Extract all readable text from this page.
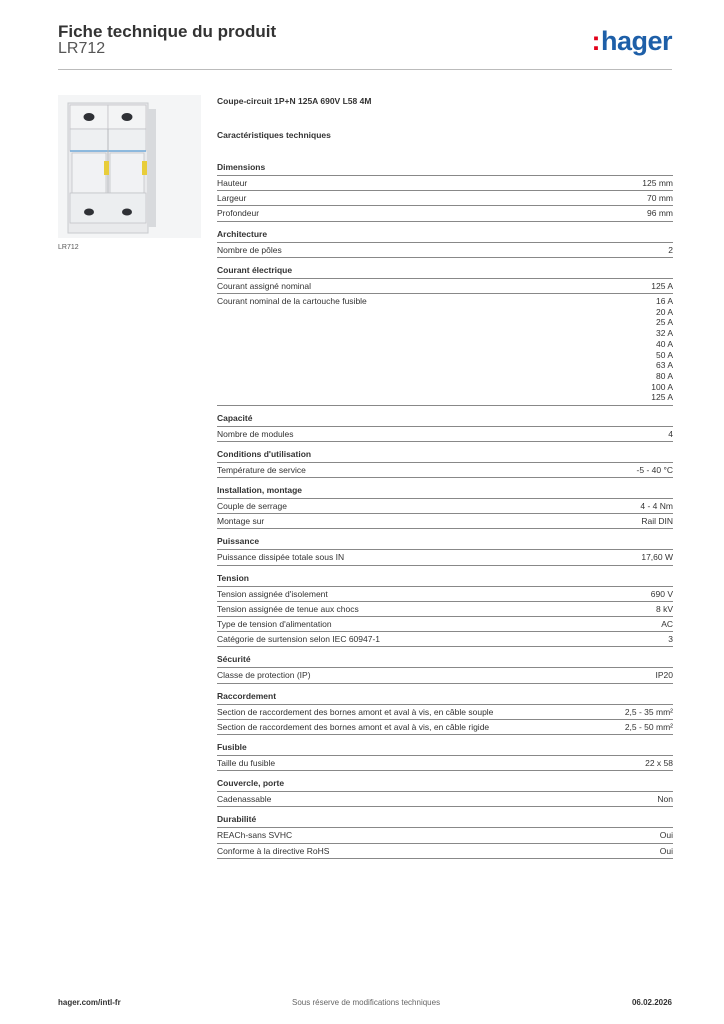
Fiche technique du produit
LR712	:hager
LR712
Coupe-circuit 1P+N 125A 690V L58 4M
Caractéristiques techniques
Dimensions
Hauteur	125 mm
Largeur	70 mm
Profondeur	96 mm
Architecture
Nombre de pôles	2
Courant électrique
Courant assigné nominal	125 A
Courant nominal de la cartouche fusible	16 A
20 A
25 A
32 A
40 A
50 A
63 A
80 A
100 A
125 A
Capacité
Nombre de modules	4
Conditions d'utilisation
Température de service	-5 - 40 °C
Installation, montage
Couple de serrage	4 - 4 Nm
Montage sur	Rail DIN
Puissance
Puissance dissipée totale sous IN	17,60 W
Tension
Tension assignée d'isolement	690 V
Tension assignée de tenue aux chocs	8 kV
Type de tension d'alimentation	AC
Catégorie de surtension selon IEC 60947-1	3
Sécurité
Classe de protection (IP)	IP20
Raccordement
Section de raccordement des bornes amont et aval à vis, en câble souple	2,5 - 35 mm²
Section de raccordement des bornes amont et aval à vis, en câble rigide	2,5 - 50 mm²
Fusible
Taille du fusible	22 x 58
Couvercle, porte
Cadenassable	Non
Durabilité
REACh-sans SVHC	Oui
Conforme à la directive RoHS	Oui
hager.com/intl-fr	Sous réserve de modifications techniques	06.02.2026
